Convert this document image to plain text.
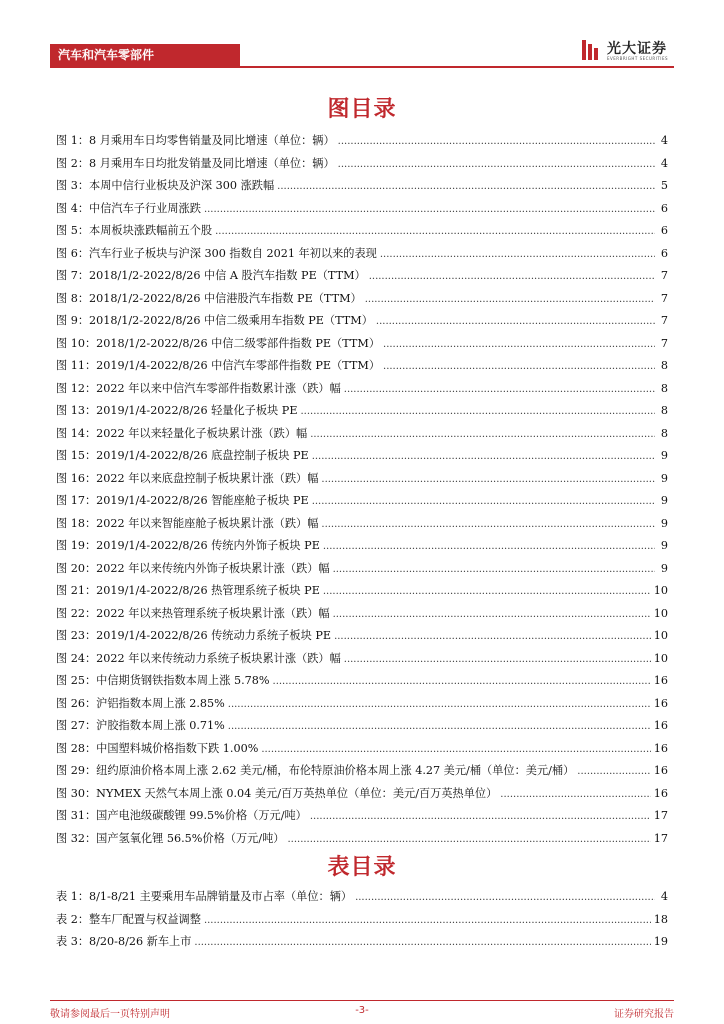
汽车和汽车零部件	光大证券
EVERBRIGHT SECURITIES
图目录
图 1：8 月乘用车日均零售销量及同比增速（单位：辆） .....	4
图 2：8 月乘用车日均批发销量及同比增速（单位：辆） .....	4
图 3：本周中信行业板块及沪深 300 涨跌幅 .....	5
图 4：中信汽车子行业周涨跌 .....	6
图 5：本周板块涨跌幅前五个股 .....	6
图 6：汽车行业子板块与沪深 300 指数自 2021 年初以来的表现 .....	6
图 7：2018/1/2-2022/8/26 中信 A 股汽车指数 PE（TTM） .....	7
图 8：2018/1/2-2022/8/26 中信港股汽车指数 PE（TTM） .....	7
图 9：2018/1/2-2022/8/26 中信二级乘用车指数 PE（TTM） .....	7
图 10：2018/1/2-2022/8/26 中信二级零部件指数 PE（TTM） .....	7
图 11：2019/1/4-2022/8/26 中信汽车零部件指数 PE（TTM） .....	8
图 12：2022 年以来中信汽车零部件指数累计涨（跌）幅 .....	8
图 13：2019/1/4-2022/8/26 轻量化子板块 PE .....	8
图 14：2022 年以来轻量化子板块累计涨（跌）幅 .....	8
图 15：2019/1/4-2022/8/26 底盘控制子板块 PE .....	9
图 16：2022 年以来底盘控制子板块累计涨（跌）幅 .....	9
图 17：2019/1/4-2022/8/26 智能座舱子板块 PE .....	9
图 18：2022 年以来智能座舱子板块累计涨（跌）幅 .....	9
图 19：2019/1/4-2022/8/26 传统内外饰子板块 PE .....	9
图 20：2022 年以来传统内外饰子板块累计涨（跌）幅 .....	9
图 21：2019/1/4-2022/8/26 热管理系统子板块 PE .....	10
图 22：2022 年以来热管理系统子板块累计涨（跌）幅 .....	10
图 23：2019/1/4-2022/8/26 传统动力系统子板块 PE .....	10
图 24：2022 年以来传统动力系统子板块累计涨（跌）幅 .....	10
图 25：中信期货钢铁指数本周上涨 5.78% .....	16
图 26：沪铝指数本周上涨 2.85% .....	16
图 27：沪胶指数本周上涨 0.71% .....	16
图 28：中国塑料城价格指数下跌 1.00% .....	16
图 29：纽约原油价格本周上涨 2.62 美元/桶，布伦特原油价格本周上涨 4.27 美元/桶（单位：美元/桶） .....	16
图 30：NYMEX 天然气本周上涨 0.04 美元/百万英热单位（单位：美元/百万英热单位） .....	16
图 31：国产电池级碳酸锂 99.5%价格（万元/吨） .....	17
图 32：国产氢氧化锂 56.5%价格（万元/吨） .....	17
表目录
表 1：8/1-8/21 主要乘用车品牌销量及市占率（单位：辆） .....	4
表 2：整车厂配置与权益调整 .....	18
表 3：8/20-8/26 新车上市 .....	19
敬请参阅最后一页特别声明	-3-	证券研究报告
